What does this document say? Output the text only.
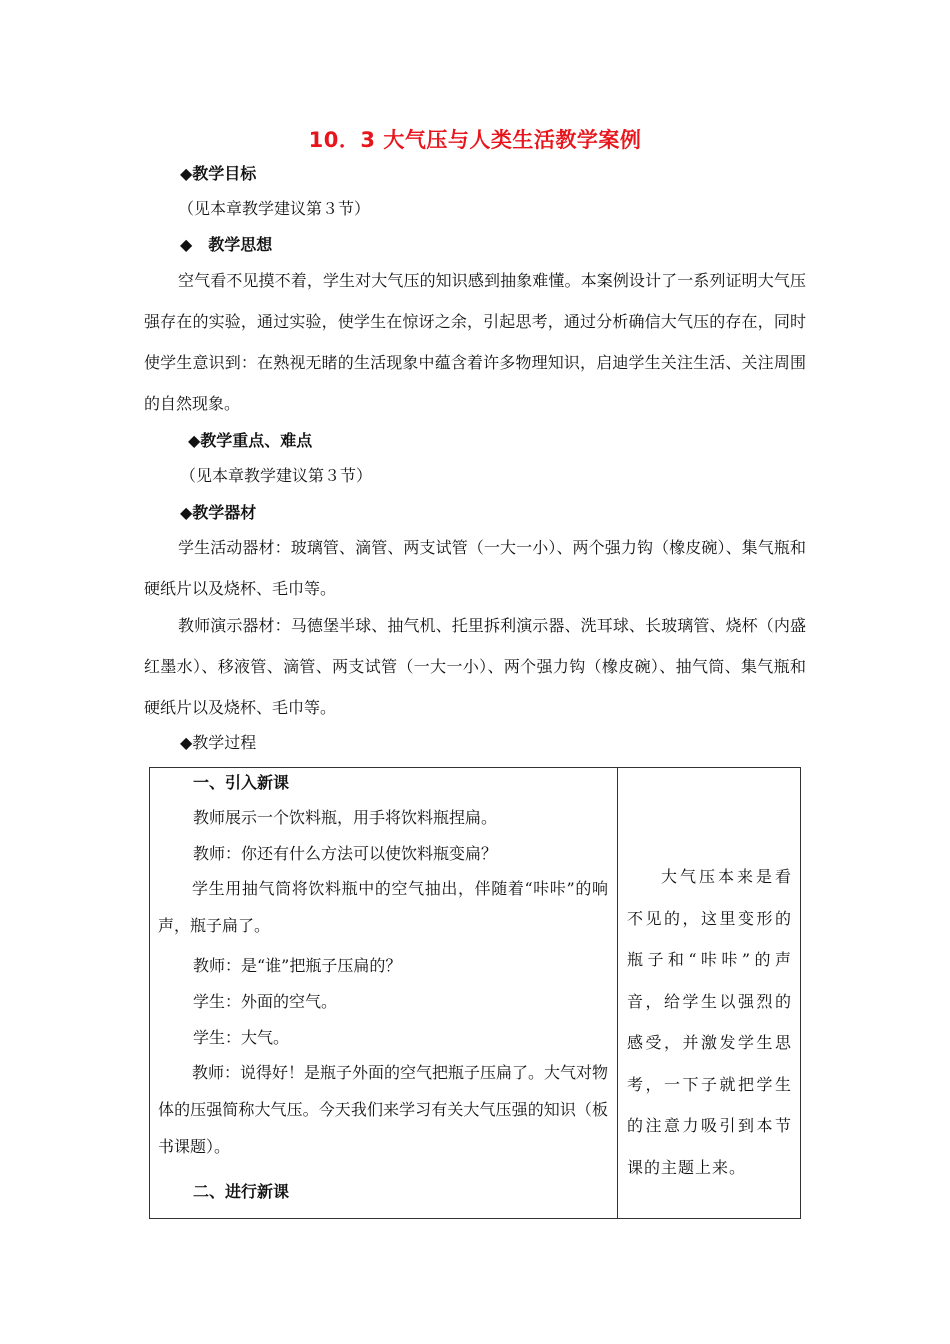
10．3 大气压与人类生活教学案例
◆教学目标
（见本章教学建议第３节）
◆　教学思想

空气看不见摸不着，学生对大气压的知识感到抽象难懂。本案例设计了一系列证明大气压强存在的实验，通过实验，使学生在惊讶之余，引起思考，通过分析确信大气压的存在，同时使学生意识到：在熟视无睹的生活现象中蕴含着许多物理知识，启迪学生关注生活、关注周围的自然现象。

◆教学重点、难点
（见本章教学建议第３节）
◆教学器材

学生活动器材：玻璃管、滴管、两支试管（一大一小）、两个强力钩（橡皮碗）、集气瓶和硬纸片以及烧杯、毛巾等。

教师演示器材：马德堡半球、抽气机、托里拆利演示器、洗耳球、长玻璃管、烧杯（内盛红墨水）、移液管、滴管、两支试管（一大一小）、两个强力钩（橡皮碗）、抽气筒、集气瓶和硬纸片以及烧杯、毛巾等。

◆教学过程
一、引入新课
教师展示一个饮料瓶，用手将饮料瓶捏扁。
教师：你还有什么方法可以使饮料瓶变扁？

学生用抽气筒将饮料瓶中的空气抽出，伴随着“咔咔”的响声，瓶子扁了。

教师：是“谁”把瓶子压扁的？
学生：外面的空气。
学生：大气。

教师：说得好！是瓶子外面的空气把瓶子压扁了。大气对物体的压强简称大气压。今天我们来学习有关大气压强的知识（板书课题）。

二、进行新课

大气压本来是看不见的，这里变形的瓶子和“咔咔”的声音，给学生以强烈的感受，并激发学生思考，一下子就把学生的注意力吸引到本节课的主题上来。
